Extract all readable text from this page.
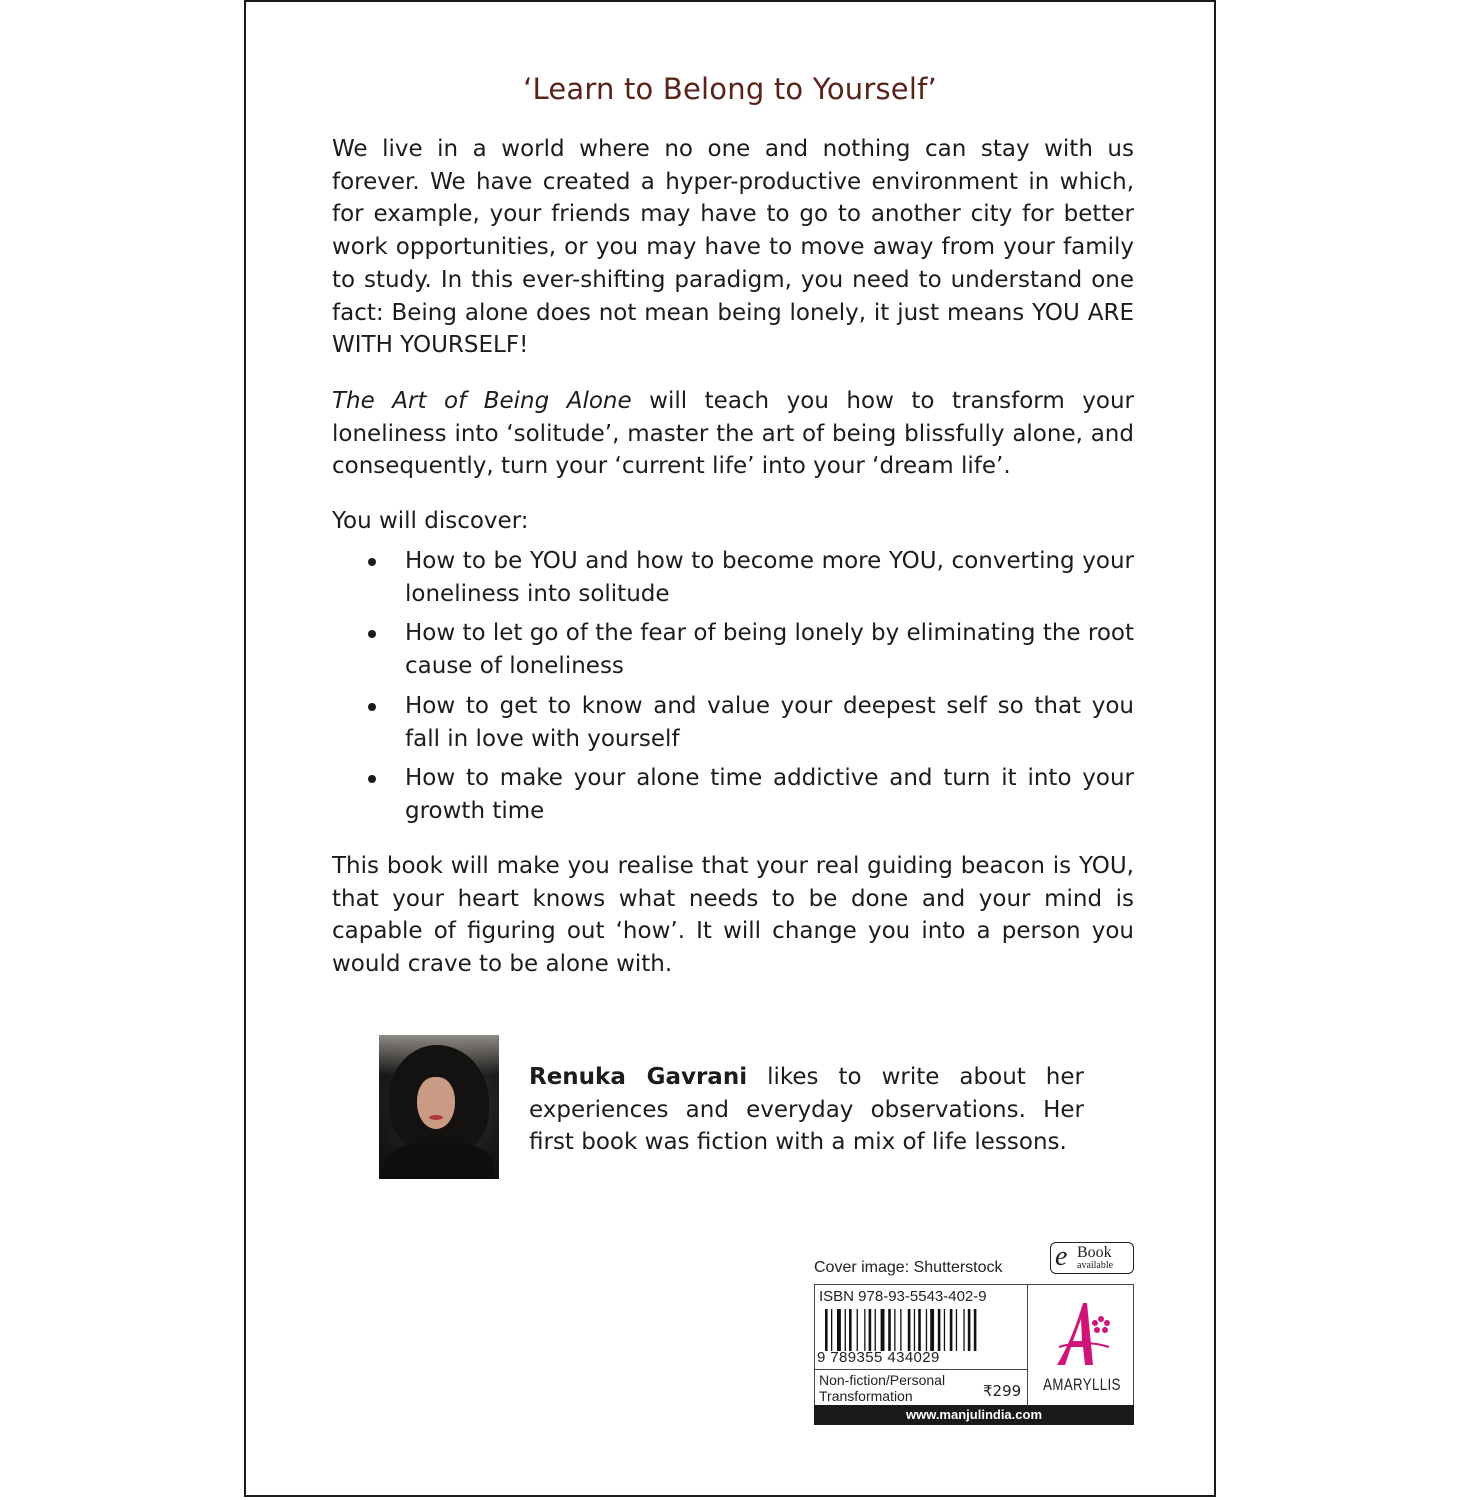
‘Learn to Belong to Yourself’

We live in a world where no one and nothing can stay with us forever. We have created a hyper-productive environment in which, for example, your friends may have to go to another city for better work opportunities, or you may have to move away from your family to study. In this ever-shifting paradigm, you need to understand one fact: Being alone does not mean being lonely, it just means YOU ARE WITH YOURSELF!

The Art of Being Alone will teach you how to transform your loneliness into ‘solitude’, master the art of being blissfully alone, and consequently, turn your ‘current life’ into your ‘dream life’.

You will discover:

How to be YOU and how to become more YOU, converting your loneliness into solitude
How to let go of the fear of being lonely by eliminating the root cause of loneliness
How to get to know and value your deepest self so that you fall in love with yourself
How to make your alone time addictive and turn it into your growth time

This book will make you realise that your real guiding beacon is YOU, that your heart knows what needs to be done and your mind is capable of figuring out ‘how’. It will change you into a person you would crave to be alone with.

Renuka Gavrani likes to write about her experiences and everyday observations. Her first book was fiction with a mix of life lessons.

Cover image: Shutterstock e Book
available
ISBN 978-93-5543-402-9
9 789355 434029
Non-fiction/Personal Transformation	₹299 AMARYLLIS
www.manjulindia.com
